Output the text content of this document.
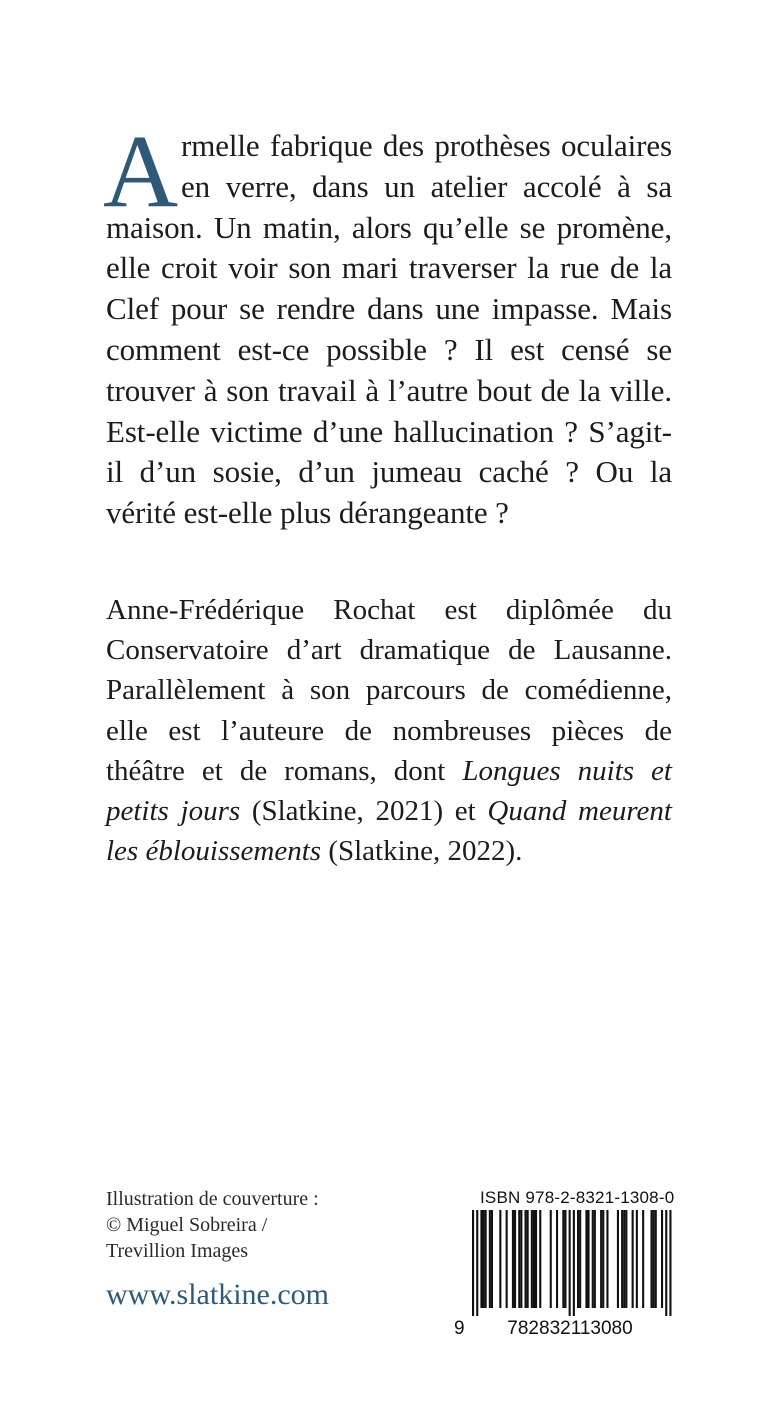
Armelle fabrique des prothèses oculaires en verre, dans un atelier accolé à sa maison. Un matin, alors qu’elle se promène, elle croit voir son mari traverser la rue de la Clef pour se rendre dans une impasse. Mais comment est-ce possible ? Il est censé se trouver à son travail à l’autre bout de la ville. Est-elle victime d’une hallucination ? S’agit-il d’un sosie, d’un jumeau caché ? Ou la vérité est-elle plus dérangeante ?

Anne-Frédérique Rochat est diplômée du Conservatoire d’art dramatique de Lausanne. Parallèlement à son parcours de comédienne, elle est l’auteure de nombreuses pièces de théâtre et de romans, dont Longues nuits et petits jours (Slatkine, 2021) et Quand meurent les éblouissements (Slatkine, 2022).

Illustration de couverture :
© Miguel Sobreira /
Trevillion Images
www.slatkine.com
ISBN 978-2-8321-1308-0
9 782832113080
